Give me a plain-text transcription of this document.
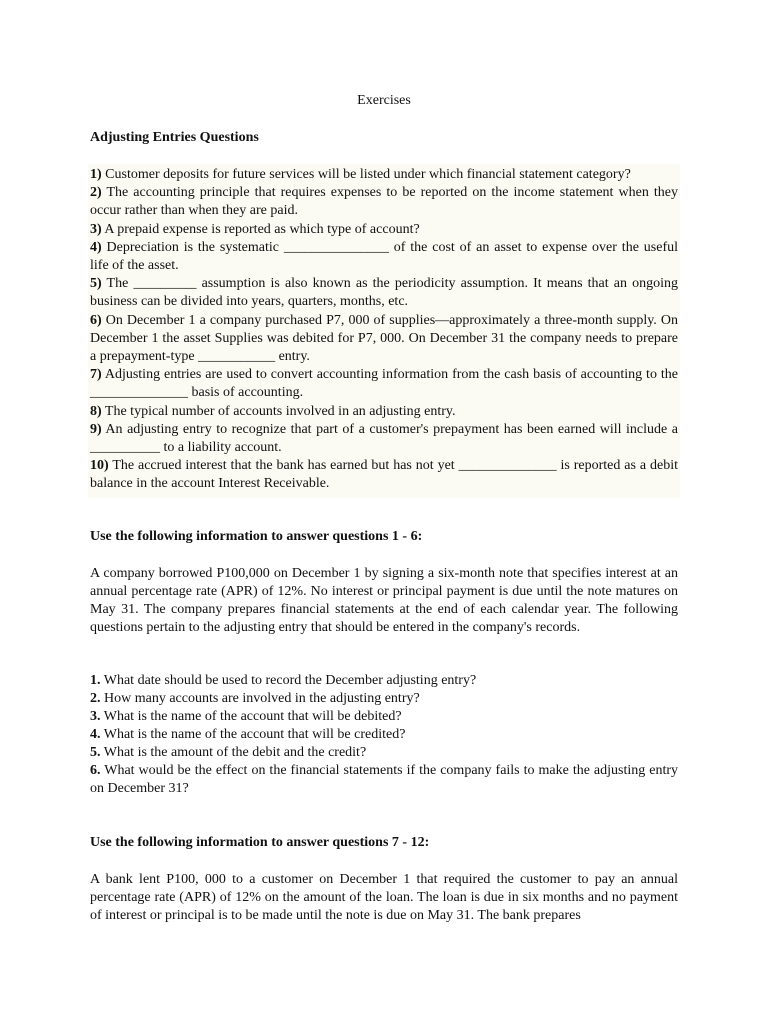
Exercises
Adjusting Entries Questions

1) Customer deposits for future services will be listed under which financial statement category?

2) The accounting principle that requires expenses to be reported on the income statement when they occur rather than when they are paid.

3) A prepaid expense is reported as which type of account?

4) Depreciation is the systematic _______________ of the cost of an asset to expense over the useful life of the asset.

5) The _________ assumption is also known as the periodicity assumption. It means that an ongoing business can be divided into years, quarters, months, etc.

6) On December 1 a company purchased P7, 000 of supplies—approximately a three-month supply. On December 1 the asset Supplies was debited for P7, 000. On December 31 the company needs to prepare a prepayment-type ___________ entry.

7) Adjusting entries are used to convert accounting information from the cash basis of accounting to the ______________ basis of accounting.

8) The typical number of accounts involved in an adjusting entry.

9) An adjusting entry to recognize that part of a customer's prepayment has been earned will include a __________ to a liability account.

10) The accrued interest that the bank has earned but has not yet ______________ is reported as a debit balance in the account Interest Receivable.

Use the following information to answer questions 1 - 6:

A company borrowed P100,000 on December 1 by signing a six-month note that specifies interest at an annual percentage rate (APR) of 12%. No interest or principal payment is due until the note matures on May 31. The company prepares financial statements at the end of each calendar year. The following questions pertain to the adjusting entry that should be entered in the company's records.

1. What date should be used to record the December adjusting entry?

2. How many accounts are involved in the adjusting entry?

3. What is the name of the account that will be debited?

4. What is the name of the account that will be credited?

5. What is the amount of the debit and the credit?

6. What would be the effect on the financial statements if the company fails to make the adjusting entry on December 31?

Use the following information to answer questions 7 - 12:

A bank lent P100, 000 to a customer on December 1 that required the customer to pay an annual percentage rate (APR) of 12% on the amount of the loan. The loan is due in six months and no payment of interest or principal is to be made until the note is due on May 31. The bank prepares
